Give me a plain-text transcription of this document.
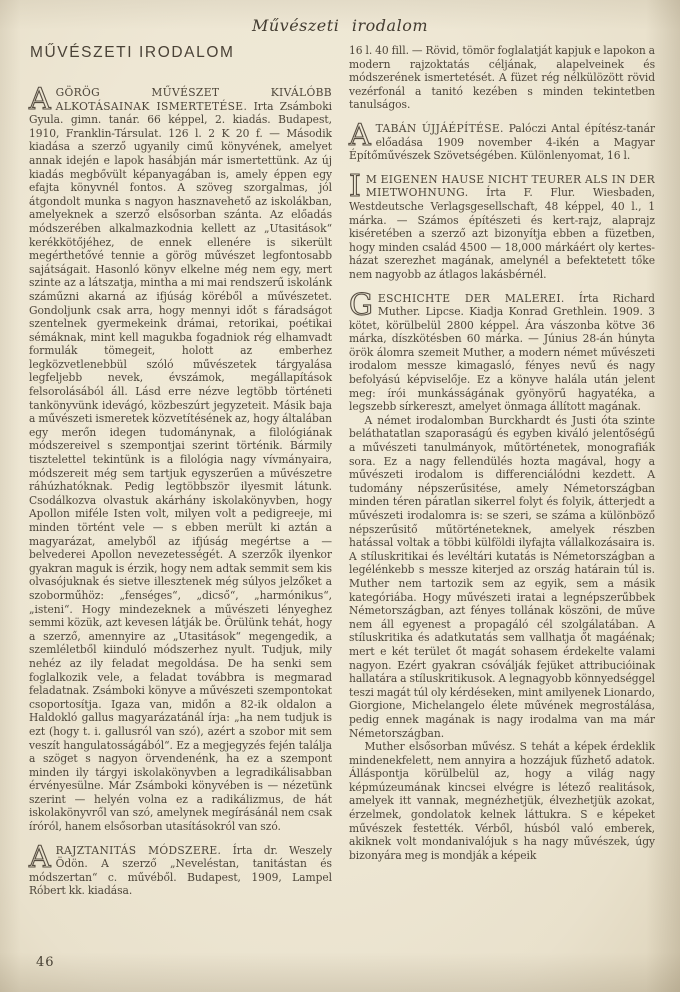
Művészeti irodalom
MŰVÉSZETI IRODALOM

AGÖRÖG MŰVÉSZET KIVÁLÓBB ALKOTÁSAINAK ISMERTETÉSE. Irta Zsámboki Gyula. gimn. tanár. 66 képpel, 2. kiadás. Budapest, 1910, Franklin-Társulat. 126 l. 2 K 20 f. — Második kiadása a szerző ugyanily cimű könyvének, amelyet annak idején e lapok hasábján már ismertettünk. Az új kiadás megbővült képanyagában is, amely éppen egy efajta könyvnél fontos. A szöveg szorgalmas, jól átgondolt munka s nagyon hasznavehető az iskolákban, amelyeknek a szerző elsősorban szánta. Az előadás módszerében alkalmazkodnia kellett az „Utasitások“ kerékkötőjéhez, de ennek ellenére is sikerült megérthetővé tennie a görög művészet legfontosabb sajátságait. Hasonló könyv elkelne még nem egy, mert szinte az a látszatja, mintha a mi mai rendszerű iskolánk száműzni akarná az ifjúság köréből a művészetet. Gondoljunk csak arra, hogy mennyi időt s fáradságot szentelnek gyermekeink drámai, retorikai, poétikai sémáknak, mint kell magukba fogadniok rég elhamvadt formulák tömegeit, holott az emberhez legközvetlenebbül szóló művészetek tárgyalása legfeljebb nevek, évszámok, megállapítások felsorolásából áll. Lásd erre nézve legtöbb történeti tankönyvünk idevágó, közbeszúrt jegyzeteit. Másik baja a művészeti ismeretek közvetítésének az, hogy általában egy merőn idegen tudománynak, a filológiának módszereivel s szempontjai szerint történik. Bármily tisztelettel tekintünk is a filológia nagy vívmányaira, módszereit még sem tartjuk egyszerűen a művészetre ráhúzhatóknak. Pedig legtöbbször ilyesmit látunk. Csodálkozva olvastuk akárhány iskolakönyvben, hogy Apollon miféle Isten volt, milyen volt a pedigreeje, mi minden történt vele — s ebben merült ki aztán a magyarázat, amelyből az ifjúság megértse a — belvederei Apollon nevezetességét. A szerzők ilyenkor gyakran maguk is érzik, hogy nem adtak semmit sem kis olvasójuknak és sietve illesztenek még súlyos jelzőket a szoborműhöz: „fenséges“, „dicső“, „harmónikus“, „isteni“. Hogy mindezeknek a művészeti lényeghez semmi közük, azt kevesen látják be. Örülünk tehát, hogy a szerző, amennyire az „Utasitások“ megengedik, a szemléletből kiinduló módszerhez nyult. Tudjuk, mily nehéz az ily feladat megoldása. De ha senki sem foglalkozik vele, a feladat továbbra is megmarad feladatnak. Zsámboki könyve a művészeti szempontokat csoportosítja. Igaza van, midőn a 82-ik oldalon a Haldokló gallus magyarázatánál írja: „ha nem tudjuk is ezt (hogy t. i. gallusról van szó), azért a szobor mit sem veszít hangulatosságából“. Ez a megjegyzés fején találja a szöget s nagyon örvendenénk, ha ez a szempont minden ily tárgyi iskolakönyvben a legradikálisabban érvényesülne. Már Zsámboki könyvében is — nézetünk szerint — helyén volna ez a radikálizmus, de hát iskolakönyvről van szó, amelynek megírásánál nem csak íróról, hanem elsősorban utasításokról van szó.

ARAJZTANITÁS MÓDSZERE. Írta dr. Weszely Ödön. A szerző „Neveléstan, tanitástan és módszertan“ c. művéből. Budapest, 1909, Lampel Róbert kk. kiadása.

16 l. 40 fill. — Rövid, tömör foglalatját kapjuk e lapokon a modern rajzoktatás céljának, alapelveinek és módszerének ismertetését. A füzet rég nélkülözött rövid vezérfonál a tanitó kezében s minden tekintetben tanulságos.

ATABÁN ÚJJÁÉPÍTÉSE. Palóczi Antal építész-tanár előadása 1909 november 4-ikén a Magyar Építőművészek Szövetségében. Különlenyomat, 16 l.

I M EIGENEN HAUSE NICHT TEURER ALS IN DER MIETWOHNUNG. Írta F. Flur. Wiesbaden, Westdeutsche Verlagsgesellschaft, 48 képpel, 40 l., 1 márka. — Számos építészeti és kert-rajz, alaprajz kiséretében a szerző azt bizonyítja ebben a füzetben, hogy minden család 4500 — 18,000 márkáért oly kertes-házat szerezhet magának, amelynél a befektetett tőke nem nagyobb az átlagos lakásbérnél.

GESCHICHTE DER MALEREI. Írta Richard Muther. Lipcse. Kiadja Konrad Grethlein. 1909. 3 kötet, körülbelül 2800 képpel. Ára vászonba kötve 36 márka, díszkötésben 60 márka. — Június 28-án húnyta örök álomra szemeit Muther, a modern német művészeti irodalom messze kimagasló, fényes nevű és nagy befolyású képviselője. Ez a könyve halála után jelent meg: írói munkásságának gyönyörű hagyatéka, a legszebb sírkereszt, amelyet önmaga állított magának.

A német irodalomban Burckhardt és Justi óta szinte beláthatatlan szaporaságú és egyben kiváló jelentőségű a művészeti tanulmányok, műtörténetek, monografiák sora. Ez a nagy fellendülés hozta magával, hogy a művészeti irodalom is differenciálódni kezdett. A tudomány népszerűsitése, amely Németországban minden téren páratlan sikerrel folyt és folyik, átterjedt a művészeti irodalomra is: se szeri, se száma a különböző népszerűsitő műtörténeteknek, amelyek részben hatással voltak a többi külföldi ilyfajta vállalkozásaira is. A stíluskritikai és levéltári kutatás is Németországban a legélénkebb s messze kiterjed az ország határain túl is. Muther nem tartozik sem az egyik, sem a másik kategóriába. Hogy művészeti iratai a legnépszerűbbek Németországban, azt fényes tollának köszöni, de műve nem áll egyenest a propagáló cél szolgálatában. A stíluskritika és adatkutatás sem vallhatja őt magáénak; mert e két terület őt magát sohasem érdekelte valami nagyon. Ezért gyakran csóválják fejüket attribucióinak hallatára a stíluskritikusok. A legnagyobb könnyedséggel teszi magát túl oly kérdéseken, mint amilyenek Lionardo, Giorgione, Michelangelo élete művének megrostálása, pedig ennek magának is nagy irodalma van ma már Németországban.

Muther elsősorban művész. S tehát a képek érdeklik mindenekfelett, nem annyira a hozzájuk fűzhető adatok. Álláspontja körülbelül az, hogy a világ nagy képmúzeumának kincsei elvégre is létező realitások, amelyek itt vannak, megnézhetjük, élvezhetjük azokat, érzelmek, gondolatok kelnek láttukra. S e képeket művészek festették. Vérből, húsból való emberek, akiknek volt mondanivalójuk s ha nagy művészek, úgy bizonyára meg is mondják a képeik

46
